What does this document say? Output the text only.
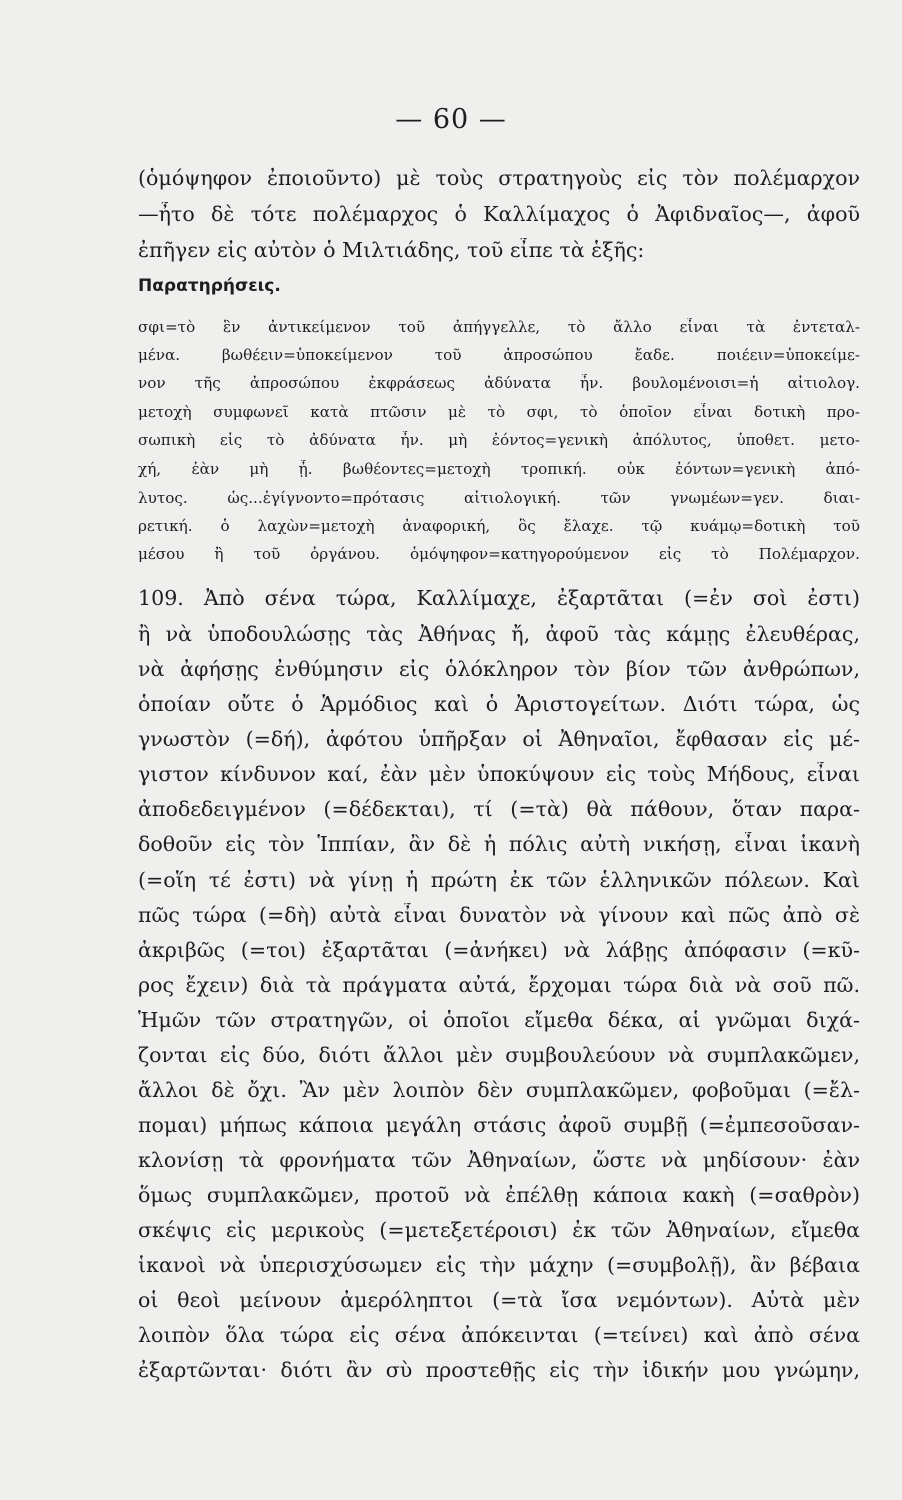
— 60 —
(ὁμόψηφον ἐποιοῦντο) μὲ τοὺς στρατηγοὺς εἰς τὸν πολέμαρχον
—ἦτο δὲ τότε πολέμαρχος ὁ Καλλίμαχος ὁ Ἀφιδναῖος—, ἀφοῦ
ἐπῆγεν εἰς αὐτὸν ὁ Μιλτιάδης, τοῦ εἶπε τὰ ἑξῆς:
Παρατηρήσεις.
σφι=τὸ ἓν ἀντικείμενον τοῦ ἀπήγγελλε, τὸ ἄλλο εἶναι τὰ ἐντεταλ-
μένα. βωθέειν=ὑποκείμενον τοῦ ἀπροσώπου ἔαδε. ποιέειν=ὑποκείμε-
νον τῆς ἀπροσώπου ἐκφράσεως ἀδύνατα ἦν. βουλομένοισι=ἡ αἰτιολογ.
μετοχὴ συμφωνεῖ κατὰ πτῶσιν μὲ τὸ σφι, τὸ ὁποῖον εἶναι δοτικὴ προ-
σωπικὴ εἰς τὸ ἀδύνατα ἦν. μὴ ἐόντος=γενικὴ ἀπόλυτος, ὑποθετ. μετο-
χή, ἐὰν μὴ ᾖ. βωθέοντες=μετοχὴ τροπική. οὐκ ἐόντων=γενικὴ ἀπό-
λυτος. ὡς...ἐγίγνοντο=πρότασις αἰτιολογική. τῶν γνωμέων=γεν. διαι-
ρετική. ὁ λαχὼν=μετοχὴ ἀναφορική, ὃς ἔλαχε. τῷ κυάμῳ=δοτικὴ τοῦ
μέσου ἢ τοῦ ὀργάνου. ὁμόψηφον=κατηγορούμενον εἰς τὸ Πολέμαρχον.
109. Ἀπὸ σένα τώρα, Καλλίμαχε, ἐξαρτᾶται (=ἐν σοὶ ἐστι)
ἢ νὰ ὑποδουλώσῃς τὰς Ἀθήνας ἤ, ἀφοῦ τὰς κάμῃς ἐλευθέρας,
νὰ ἀφήσῃς ἐνθύμησιν εἰς ὁλόκληρον τὸν βίον τῶν ἀνθρώπων,
ὁποίαν οὔτε ὁ Ἁρμόδιος καὶ ὁ Ἀριστογείτων. Διότι τώρα, ὡς
γνωστὸν (=δή), ἀφότου ὑπῆρξαν οἱ Ἀθηναῖοι, ἔφθασαν εἰς μέ-
γιστον κίνδυνον καί, ἐὰν μὲν ὑποκύψουν εἰς τοὺς Μήδους, εἶναι
ἀποδεδειγμένον (=δέδεκται), τί (=τὰ) θὰ πάθουν, ὅταν παρα-
δοθοῦν εἰς τὸν Ἱππίαν, ἂν δὲ ἡ πόλις αὐτὴ νικήσῃ, εἶναι ἱκανὴ
(=οἵη τέ ἐστι) νὰ γίνῃ ἡ πρώτη ἐκ τῶν ἑλληνικῶν πόλεων. Καὶ
πῶς τώρα (=δὴ) αὐτὰ εἶναι δυνατὸν νὰ γίνουν καὶ πῶς ἀπὸ σὲ
ἀκριβῶς (=τοι) ἐξαρτᾶται (=ἀνήκει) νὰ λάβῃς ἀπόφασιν (=κῦ-
ρος ἔχειν) διὰ τὰ πράγματα αὐτά, ἔρχομαι τώρα διὰ νὰ σοῦ πῶ.
Ἡμῶν τῶν στρατηγῶν, οἱ ὁποῖοι εἴμεθα δέκα, αἱ γνῶμαι διχά-
ζονται εἰς δύο, διότι ἄλλοι μὲν συμβουλεύουν νὰ συμπλακῶμεν,
ἄλλοι δὲ ὄχι. Ἂν μὲν λοιπὸν δὲν συμπλακῶμεν, φοβοῦμαι (=ἔλ-
πομαι) μήπως κάποια μεγάλη στάσις ἀφοῦ συμβῇ (=ἐμπεσοῦσαν-
κλονίσῃ τὰ φρονήματα τῶν Ἀθηναίων, ὥστε νὰ μηδίσουν· ἐὰν
ὅμως συμπλακῶμεν, προτοῦ νὰ ἐπέλθῃ κάποια κακὴ (=σαθρὸν)
σκέψις εἰς μερικοὺς (=μετεξετέροισι) ἐκ τῶν Ἀθηναίων, εἴμεθα
ἱκανοὶ νὰ ὑπερισχύσωμεν εἰς τὴν μάχην (=συμβολῇ), ἂν βέβαια
οἱ θεοὶ μείνουν ἀμερόληπτοι (=τὰ ἴσα νεμόντων). Αὐτὰ μὲν
λοιπὸν ὅλα τώρα εἰς σένα ἀπόκεινται (=τείνει) καὶ ἀπὸ σένα
ἐξαρτῶνται· διότι ἂν σὺ προστεθῇς εἰς τὴν ἰδικήν μου γνώμην,
